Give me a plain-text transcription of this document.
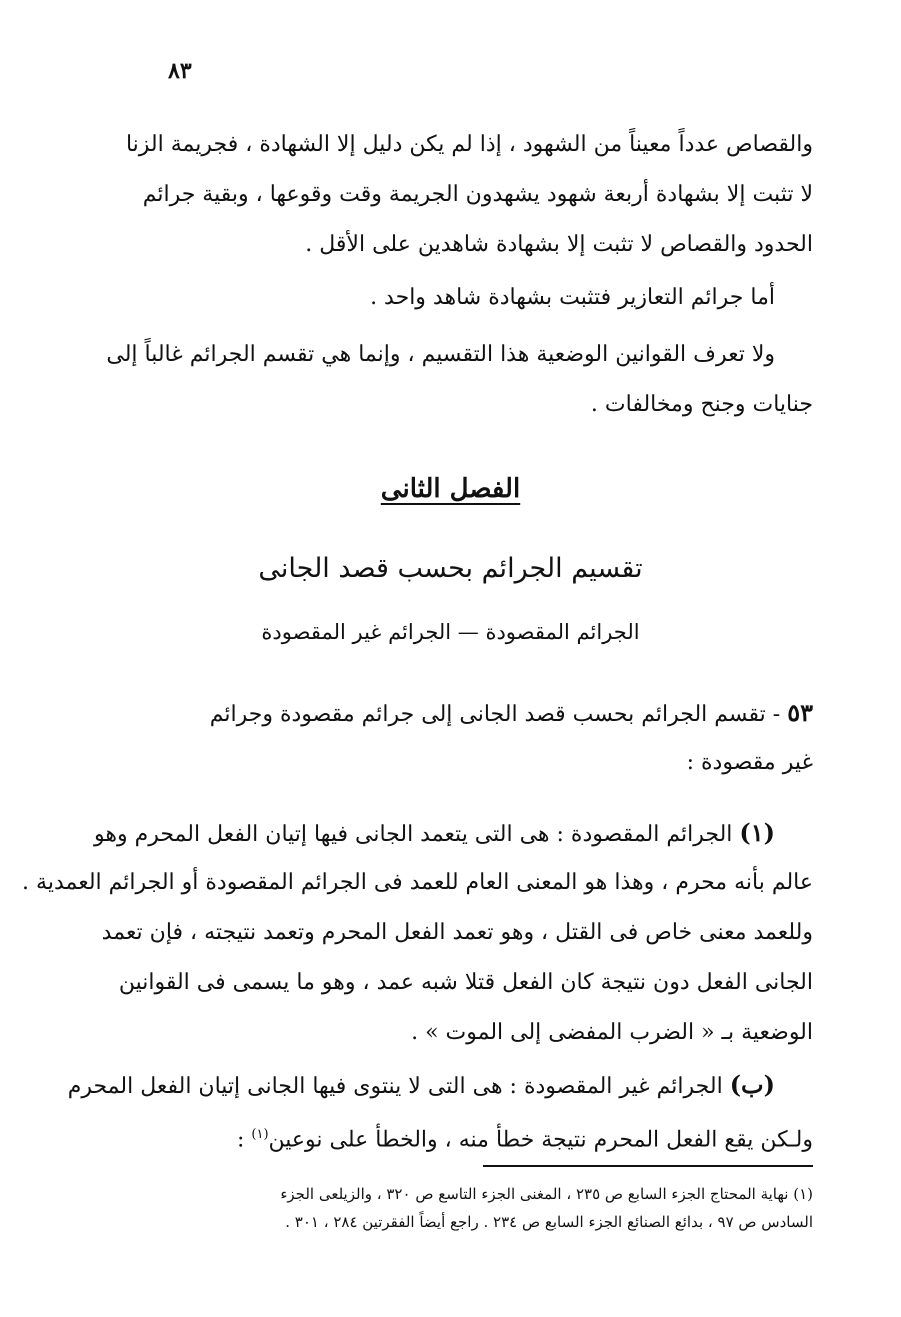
٨٣
والقصاص عدداً معيناً من الشهود ، إذا لم يكن دليل إلا الشهادة ، فجريمة الزنا
لا تثبت إلا بشهادة أربعة شهود يشهدون الجريمة وقت وقوعها ، وبقية جرائم
الحدود والقصاص لا تثبت إلا بشهادة شاهدين على الأقل .
أما جرائم التعازير فتثبت بشهادة شاهد واحد .
ولا تعرف القوانين الوضعية هذا التقسيم ، وإنما هي تقسم الجرائم غالباً إلى
جنايات وجنح ومخالفات .
الفصل الثانى
تقسيم الجرائم بحسب قصد الجانى
الجرائم المقصودة — الجرائم غير المقصودة
٥٣ - تقسم الجرائم بحسب قصد الجانى إلى جرائم مقصودة وجرائم
غير مقصودة :
(١) الجرائم المقصودة : هى التى يتعمد الجانى فيها إتيان الفعل المحرم وهو
عالم بأنه محرم ، وهذا هو المعنى العام للعمد فى الجرائم المقصودة أو الجرائم العمدية .
وللعمد معنى خاص فى القتل ، وهو تعمد الفعل المحرم وتعمد نتيجته ، فإن تعمد
الجانى الفعل دون نتيجة كان الفعل قتلا شبه عمد ، وهو ما يسمى فى القوانين
الوضعية بـ « الضرب المفضى إلى الموت » .
(ب) الجرائم غير المقصودة : هى التى لا ينتوى فيها الجانى إتيان الفعل المحرم
ولـكن يقع الفعل المحرم نتيجة خطأ منه ، والخطأ على نوعين$^{(١)}$ :
(١) نهاية المحتاج الجزء السابع ص ٢٣٥ ، المغنى الجزء التاسع ص ٣٢٠ ، والزيلعى الجزء
السادس ص ٩٧ ، بدائع الصنائع الجزء السابع ص ٢٣٤ . راجع أيضاً الفقرتين ٢٨٤ ، ٣٠١ .
